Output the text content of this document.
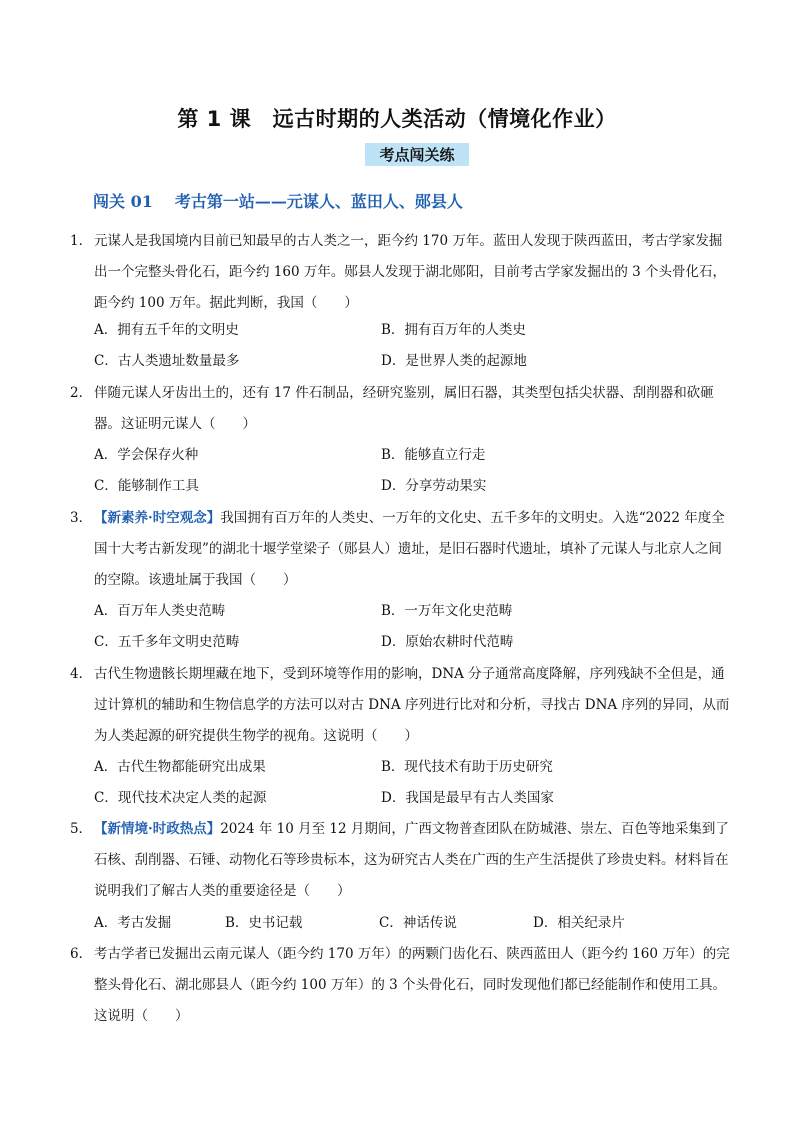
第 1 课　远古时期的人类活动（情境化作业）
考点闯关练
闯关 01 考古第一站——元谋人、蓝田人、郧县人
1． 元谋人是我国境内目前已知最早的古人类之一，距今约 170 万年。蓝田人发现于陕西蓝田，考古学家发掘出一个完整头骨化石，距今约 160 万年。郧县人发现于湖北郧阳，目前考古学家发掘出的 3 个头骨化石，距今约 100 万年。据此判断，我国（　　）
A．拥有五千年的文明史	B．拥有百万年的人类史
C．古人类遗址数量最多	D．是世界人类的起源地
2． 伴随元谋人牙齿出土的，还有 17 件石制品，经研究鉴别，属旧石器，其类型包括尖状器、刮削器和砍砸器。这证明元谋人（　　）
A．学会保存火种	B．能够直立行走
C．能够制作工具	D．分享劳动果实
3． 【新素养·时空观念】我国拥有百万年的人类史、一万年的文化史、五千多年的文明史。入选“2022 年度全国十大考古新发现”的湖北十堰学堂梁子（郧县人）遗址，是旧石器时代遗址，填补了元谋人与北京人之间的空隙。该遗址属于我国（　　）
A．百万年人类史范畴	B．一万年文化史范畴
C．五千多年文明史范畴	D．原始农耕时代范畴
4． 古代生物遗骸长期埋藏在地下，受到环境等作用的影响，DNA 分子通常高度降解，序列残缺不全但是，通过计算机的辅助和生物信息学的方法可以对古 DNA 序列进行比对和分析，寻找古 DNA 序列的异同，从而为人类起源的研究提供生物学的视角。这说明（　　）
A．古代生物都能研究出成果	B．现代技术有助于历史研究
C．现代技术决定人类的起源	D．我国是最早有古人类国家
5． 【新情境·时政热点】2024 年 10 月至 12 月期间，广西文物普查团队在防城港、崇左、百色等地采集到了石核、刮削器、石锤、动物化石等珍贵标本，这为研究古人类在广西的生产生活提供了珍贵史料。材料旨在说明我们了解古人类的重要途径是（　　）
A．考古发掘	B．史书记载	C．神话传说	D．相关纪录片
6． 考古学者已发掘出云南元谋人（距今约 170 万年）的两颗门齿化石、陕西蓝田人（距今约 160 万年）的完整头骨化石、湖北郧县人（距今约 100 万年）的 3 个头骨化石，同时发现他们都已经能制作和使用工具。这说明（　　）
